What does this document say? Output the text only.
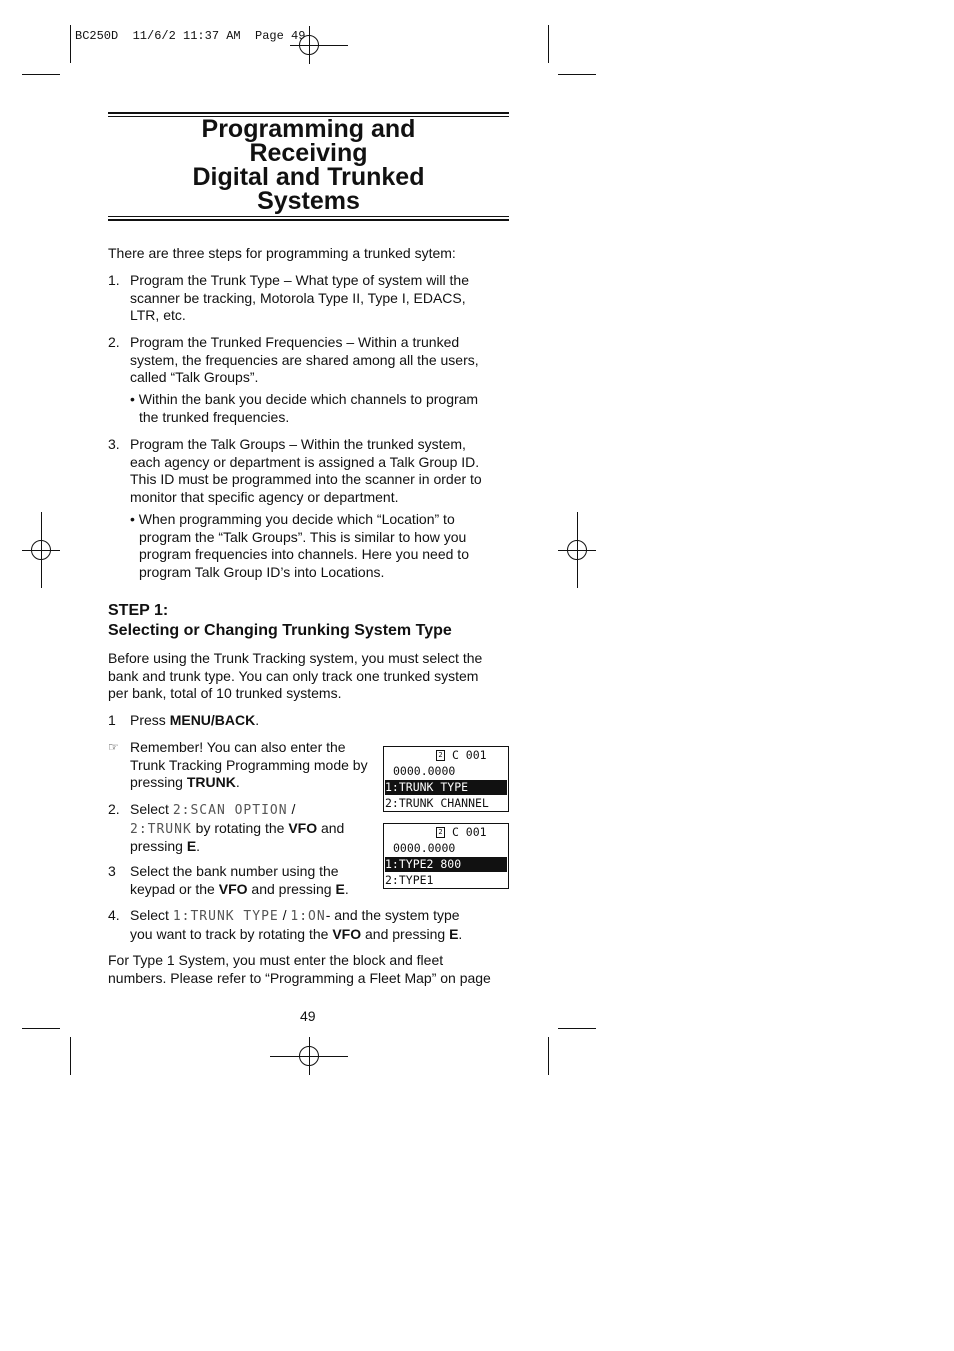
BC250D  11/6/2 11:37 AM  Page 49
Programming and
Receiving
Digital and Trunked
Systems
There are three steps for programming a trunked sytem:
1. Program the Trunk Type – What type of system will the
scanner be tracking, Motorola Type II, Type I, EDACS,
LTR, etc.
2. Program the Trunked Frequencies – Within a trunked
system, the frequencies are shared among all the users,
called “Talk Groups”.
• Within the bank you decide which channels to program
the trunked frequencies.
3. Program the Talk Groups – Within the trunked system,
each agency or department is assigned a Talk Group ID.
This ID must be programmed into the scanner in order to
monitor that specific agency or department.
• When programming you decide which “Location” to
program the “Talk Groups”. This is similar to how you
program frequencies into channels. Here you need to
program Talk Group ID’s into Locations.
STEP 1:
Selecting or Changing Trunking System Type
Before using the Trunk Tracking system, you must select the
bank and trunk type. You can only track one trunked system
per bank, total of 10 trunked systems.
1 Press MENU/BACK.
☞ Remember! You can also enter the
Trunk Tracking Programming mode by
pressing TRUNK.
2. Select 2:SCAN OPTION /
2:TRUNK by rotating the VFO and
pressing E.
3 Select the bank number using the
keypad or the VFO and pressing E.
4. Select 1:TRUNK TYPE / 1:ON- and the system type
you want to track by rotating the VFO and pressing E.
For Type 1 System, you must enter the block and fleet
numbers. Please refer to “Programming a Fleet Map” on page
2 C 001
0000.0000
1:TRUNK TYPE
2:TRUNK CHANNEL
2 C 001
0000.0000
1:TYPE2 800
2:TYPE1
49
